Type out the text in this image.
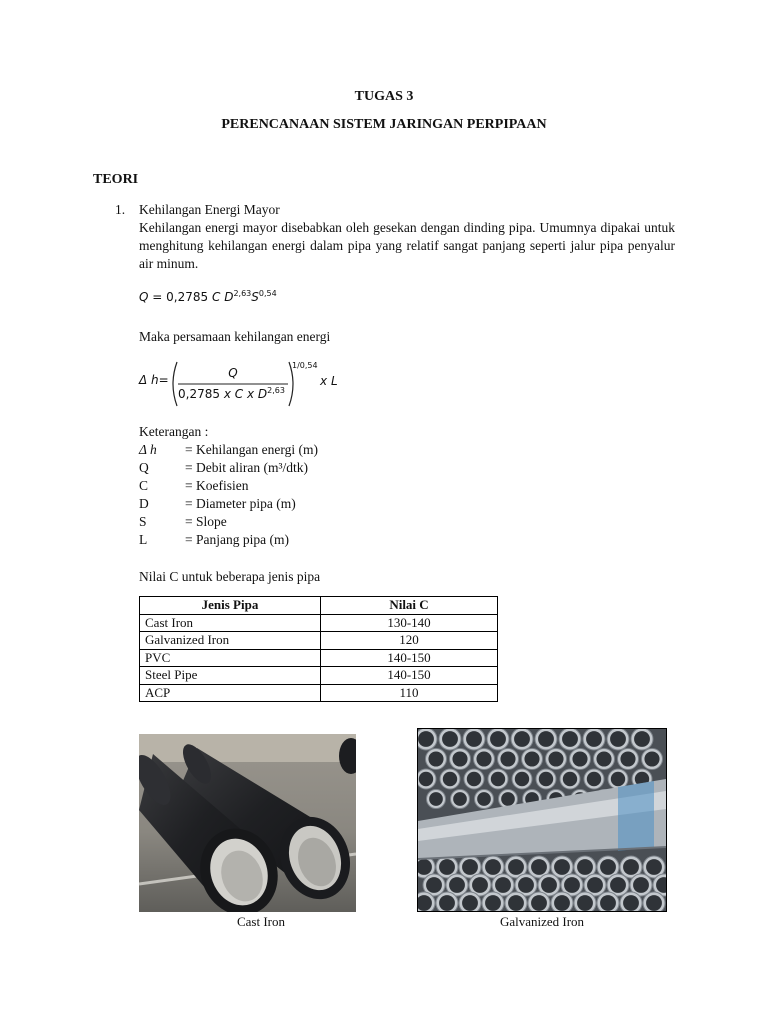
TUGAS 3
PERENCANAAN SISTEM JARINGAN PERPIPAAN
TEORI
1. Kehilangan Energi Mayor
Kehilangan energi mayor disebabkan oleh gesekan dengan dinding pipa. Umumnya dipakai untuk menghitung kehilangan energi dalam pipa yang relatif sangat panjang seperti jalur pipa penyalur air minum.
Q = 0,2785 C $D^{2,63}S^{0,54}$
Maka persamaan kehilangan energi
Δ h=	Q
0,2785 x C x D$^{2,63}$
1/0,54
x L
Keterangan :
Δ h	= Kehilangan energi (m)
Q	= Debit aliran (m³/dtk)
C	= Koefisien
D	= Diameter pipa (m)
S	= Slope
L	= Panjang pipa (m)
Nilai C untuk beberapa jenis pipa
Jenis Pipa	Nilai C
Cast Iron	130-140
Galvanized Iron	120
PVC	140-150
Steel Pipe	140-150
ACP	110
Cast Iron	Galvanized Iron
